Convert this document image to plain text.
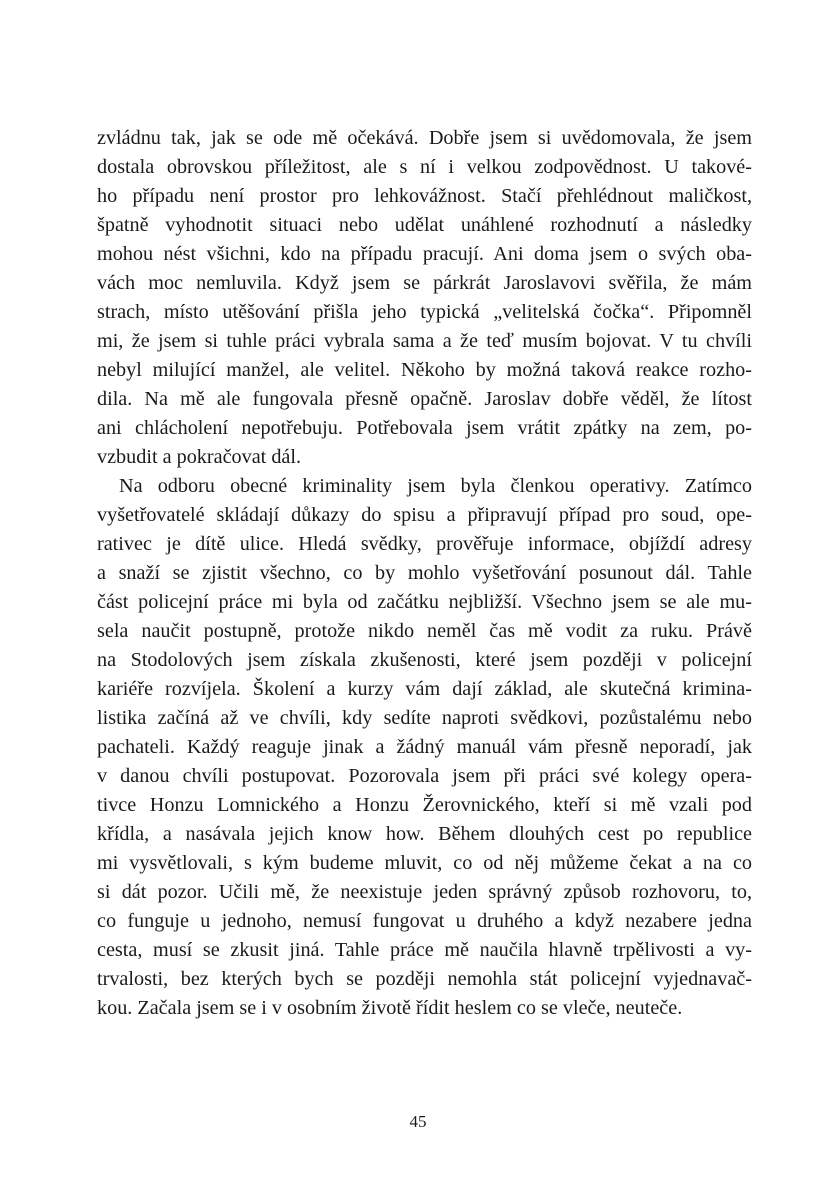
zvládnu tak, jak se ode mě očekává. Dobře jsem si uvědomovala, že jsem
dostala obrovskou příležitost, ale s ní i velkou zodpovědnost. U takové-
ho případu není prostor pro lehkovážnost. Stačí přehlédnout maličkost,
špatně vyhodnotit situaci nebo udělat unáhlené rozhodnutí a následky
mohou nést všichni, kdo na případu pracují. Ani doma jsem o svých oba-
vách moc nemluvila. Když jsem se párkrát Jaroslavovi svěřila, že mám
strach, místo utěšování přišla jeho typická „velitelská čočka“. Připomněl
mi, že jsem si tuhle práci vybrala sama a že teď musím bojovat. V tu chvíli
nebyl milující manžel, ale velitel. Někoho by možná taková reakce rozho-
dila. Na mě ale fungovala přesně opačně. Jaroslav dobře věděl, že lítost
ani chlácholení nepotřebuju. Potřebovala jsem vrátit zpátky na zem, po-
vzbudit a pokračovat dál.
Na odboru obecné kriminality jsem byla členkou operativy. Zatímco
vyšetřovatelé skládají důkazy do spisu a připravují případ pro soud, ope-
rativec je dítě ulice. Hledá svědky, prověřuje informace, objíždí adresy
a snaží se zjistit všechno, co by mohlo vyšetřování posunout dál. Tahle
část policejní práce mi byla od začátku nejbližší. Všechno jsem se ale mu-
sela naučit postupně, protože nikdo neměl čas mě vodit za ruku. Právě
na Stodolových jsem získala zkušenosti, které jsem později v policejní
kariéře rozvíjela. Školení a kurzy vám dají základ, ale skutečná krimina-
listika začíná až ve chvíli, kdy sedíte naproti svědkovi, pozůstalému nebo
pachateli. Každý reaguje jinak a žádný manuál vám přesně neporadí, jak
v danou chvíli postupovat. Pozorovala jsem při práci své kolegy opera-
tivce Honzu Lomnického a Honzu Žerovnického, kteří si mě vzali pod
křídla, a nasávala jejich know how. Během dlouhých cest po republice
mi vysvětlovali, s kým budeme mluvit, co od něj můžeme čekat a na co
si dát pozor. Učili mě, že neexistuje jeden správný způsob rozhovoru, to,
co funguje u jednoho, nemusí fungovat u druhého a když nezabere jedna
cesta, musí se zkusit jiná. Tahle práce mě naučila hlavně trpělivosti a vy-
trvalosti, bez kterých bych se později nemohla stát policejní vyjednavač-
kou. Začala jsem se i v osobním životě řídit heslem co se vleče, neuteče.
45
